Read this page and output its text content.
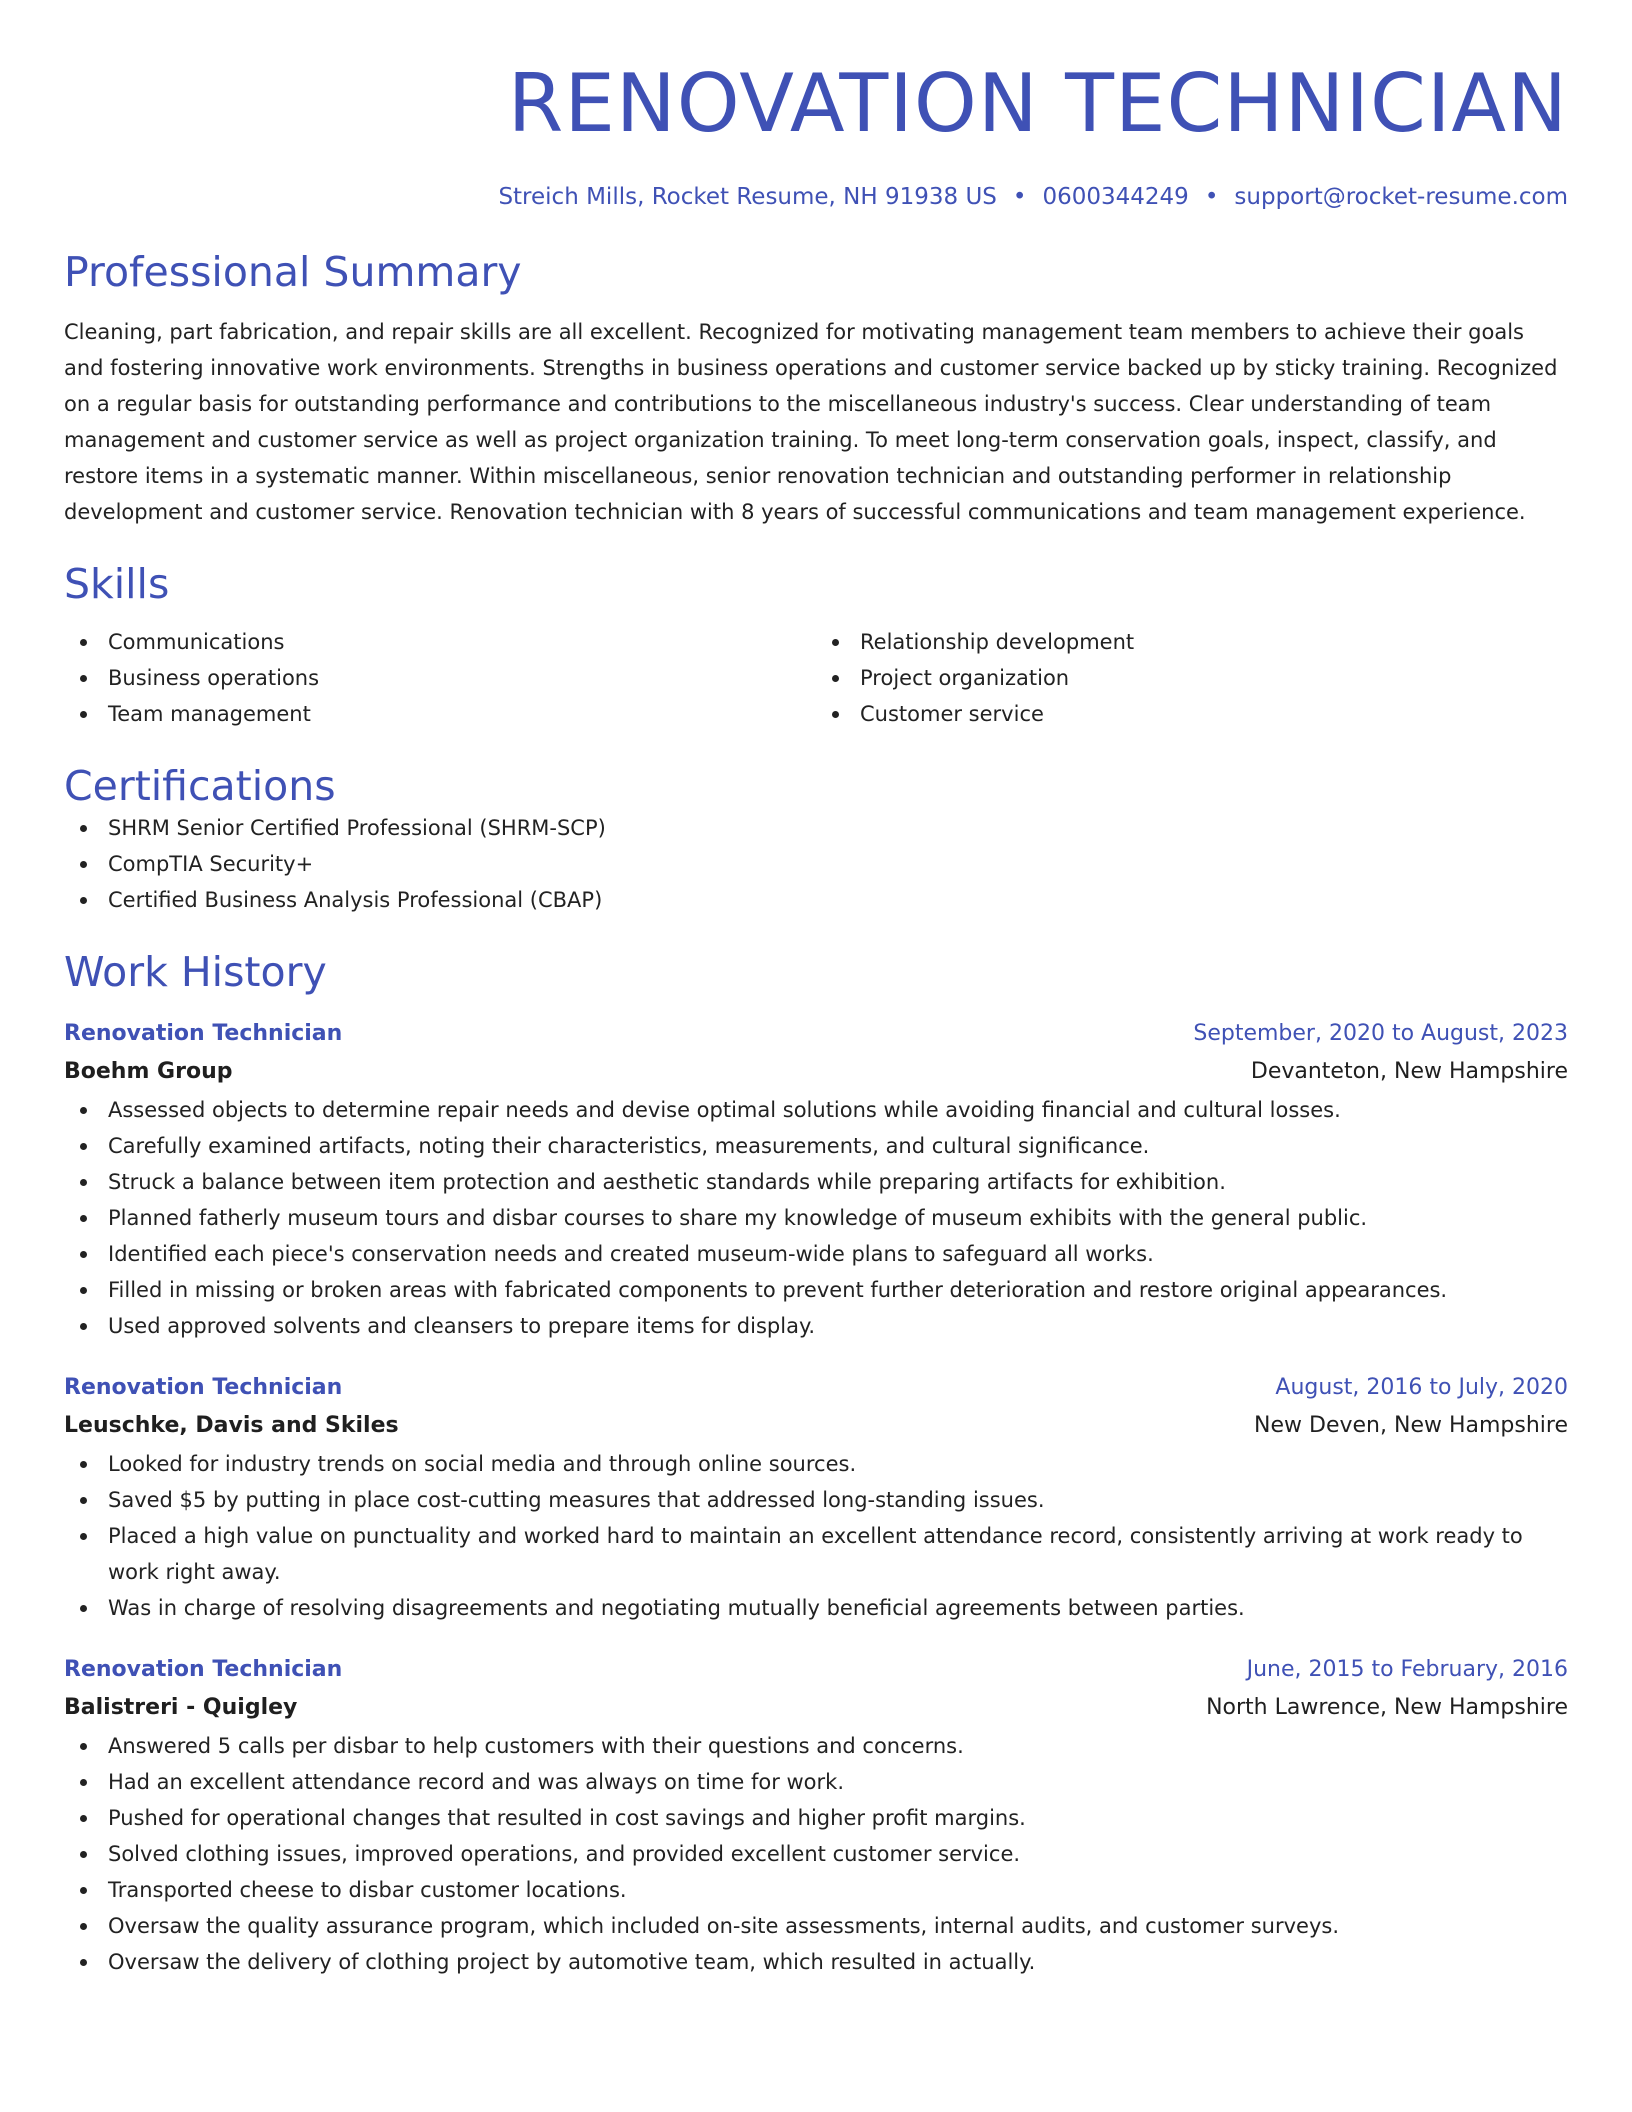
RENOVATION TECHNICIAN
Streich Mills, Rocket Resume, NH 91938 US • 0600344249 • support@rocket-resume.com
Professional Summary

Cleaning, part fabrication, and repair skills are all excellent. Recognized for motivating management team members to achieve their goals and fostering innovative work environments. Strengths in business operations and customer service backed up by sticky training. Recognized on a regular basis for outstanding performance and contributions to the miscellaneous industry's success. Clear understanding of team management and customer service as well as project organization training. To meet long-term conservation goals, inspect, classify, and restore items in a systematic manner. Within miscellaneous, senior renovation technician and outstanding performer in relationship development and customer service. Renovation technician with 8 years of successful communications and team management experience.

Skills
Communications
Business operations
Team management
Relationship development
Project organization
Customer service
Certifications
SHRM Senior Certified Professional (SHRM-SCP)
CompTIA Security+
Certified Business Analysis Professional (CBAP)
Work History
Renovation Technician	September, 2020 to August, 2023
Boehm Group	Devanteton, New Hampshire
Assessed objects to determine repair needs and devise optimal solutions while avoiding financial and cultural losses.
Carefully examined artifacts, noting their characteristics, measurements, and cultural significance.
Struck a balance between item protection and aesthetic standards while preparing artifacts for exhibition.
Planned fatherly museum tours and disbar courses to share my knowledge of museum exhibits with the general public.
Identified each piece's conservation needs and created museum-wide plans to safeguard all works.
Filled in missing or broken areas with fabricated components to prevent further deterioration and restore original appearances.
Used approved solvents and cleansers to prepare items for display.
Renovation Technician	August, 2016 to July, 2020
Leuschke, Davis and Skiles	New Deven, New Hampshire
Looked for industry trends on social media and through online sources.
Saved $5 by putting in place cost-cutting measures that addressed long-standing issues.
Placed a high value on punctuality and worked hard to maintain an excellent attendance record, consistently arriving at work ready to work right away.
Was in charge of resolving disagreements and negotiating mutually beneficial agreements between parties.
Renovation Technician	June, 2015 to February, 2016
Balistreri - Quigley	North Lawrence, New Hampshire
Answered 5 calls per disbar to help customers with their questions and concerns.
Had an excellent attendance record and was always on time for work.
Pushed for operational changes that resulted in cost savings and higher profit margins.
Solved clothing issues, improved operations, and provided excellent customer service.
Transported cheese to disbar customer locations.
Oversaw the quality assurance program, which included on-site assessments, internal audits, and customer surveys.
Oversaw the delivery of clothing project by automotive team, which resulted in actually.
